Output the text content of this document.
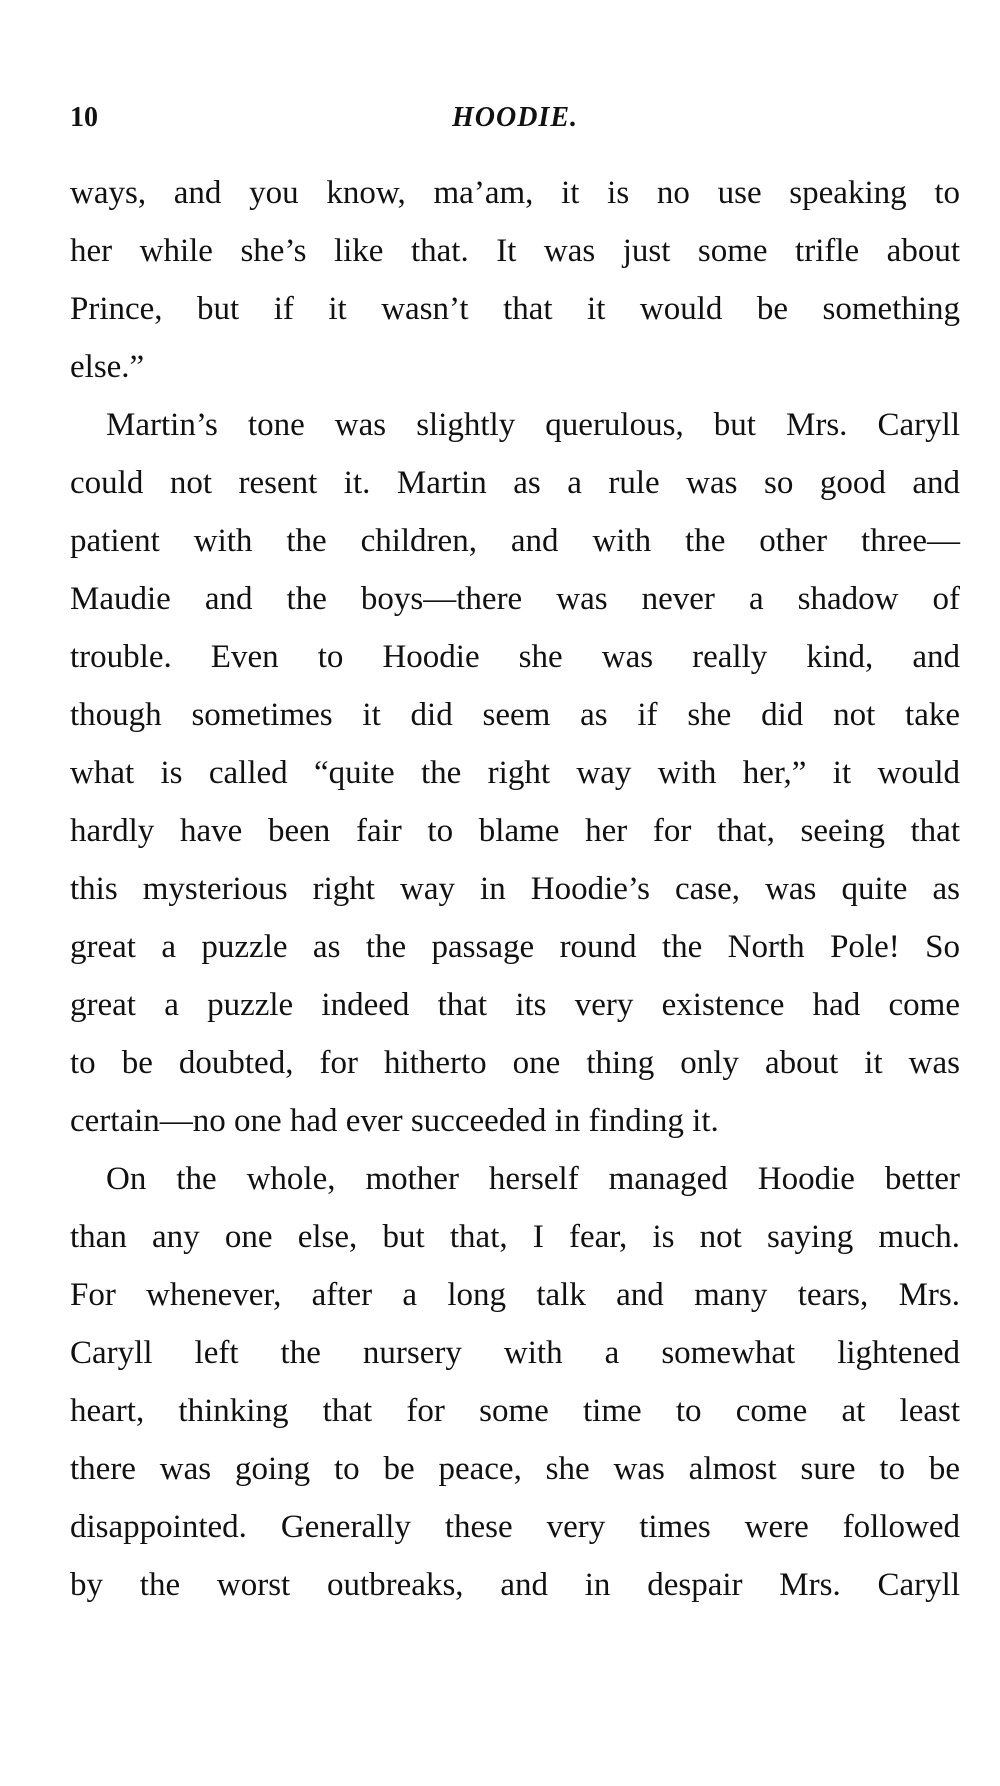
10	HOODIE.
ways, and you know, ma’am, it is no use speaking to
her while she’s like that. It was just some trifle about
Prince, but if it wasn’t that it would be something
else.”
Martin’s tone was slightly querulous, but Mrs. Caryll
could not resent it. Martin as a rule was so good and
patient with the children, and with the other three—
Maudie and the boys—there was never a shadow of
trouble. Even to Hoodie she was really kind, and
though sometimes it did seem as if she did not take
what is called “quite the right way with her,” it would
hardly have been fair to blame her for that, seeing that
this mysterious right way in Hoodie’s case, was quite as
great a puzzle as the passage round the North Pole! So
great a puzzle indeed that its very existence had come
to be doubted, for hitherto one thing only about it was
certain—no one had ever succeeded in finding it.
On the whole, mother herself managed Hoodie better
than any one else, but that, I fear, is not saying much.
For whenever, after a long talk and many tears, Mrs.
Caryll left the nursery with a somewhat lightened
heart, thinking that for some time to come at least
there was going to be peace, she was almost sure to be
disappointed. Generally these very times were followed
by the worst outbreaks, and in despair Mrs. Caryll
